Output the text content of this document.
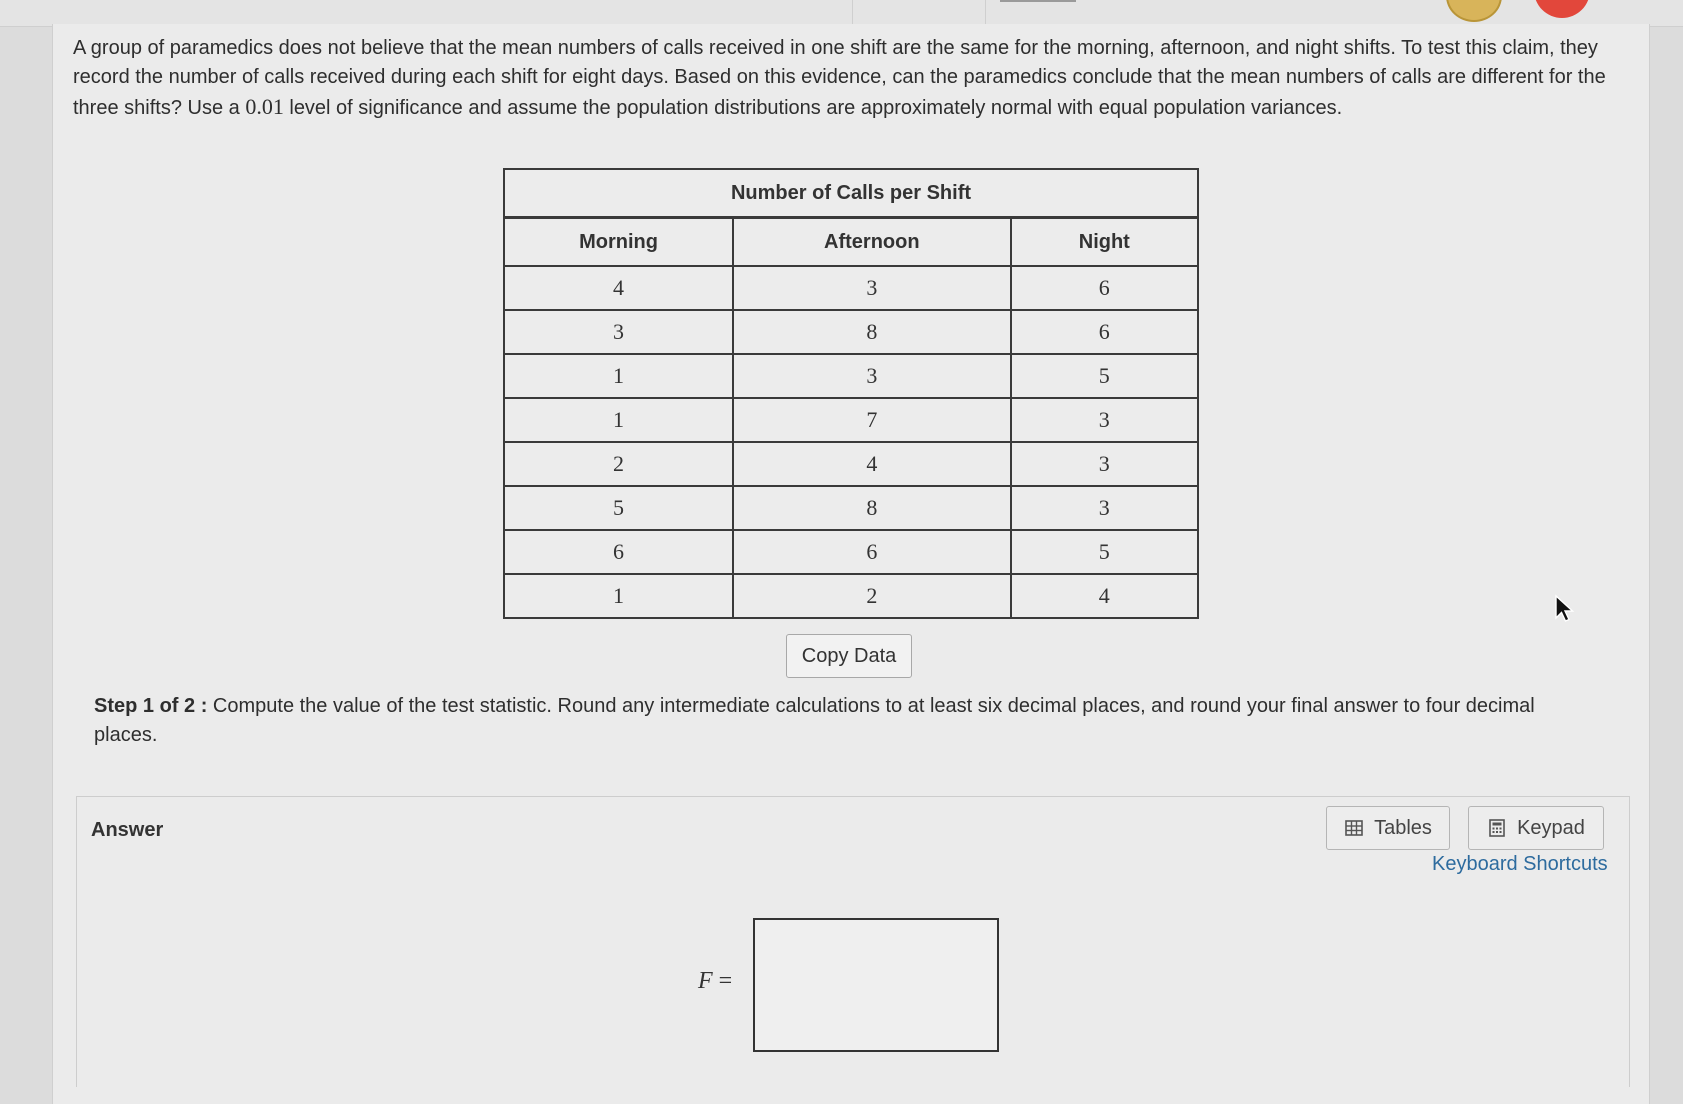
A group of paramedics does not believe that the mean numbers of calls received in one shift are the same for the morning, afternoon, and night shifts. To test this claim, they record the number of calls received during each shift for eight days. Based on this evidence, can the paramedics conclude that the mean numbers of calls are different for the three shifts? Use a 0.01 level of significance and assume the population distributions are approximately normal with equal population variances.
Number of Calls per Shift		
Morning	Afternoon	Night
4	3	6
3	8	6
1	3	5
1	7	3
2	4	3
5	8	3
6	6	5
1	2	4
Copy Data
Step 1 of 2 : Compute the value of the test statistic. Round any intermediate calculations to at least six decimal places, and round your final answer to four decimal places.
Answer	Tables	Keypad
Keyboard Shortcuts
F =
